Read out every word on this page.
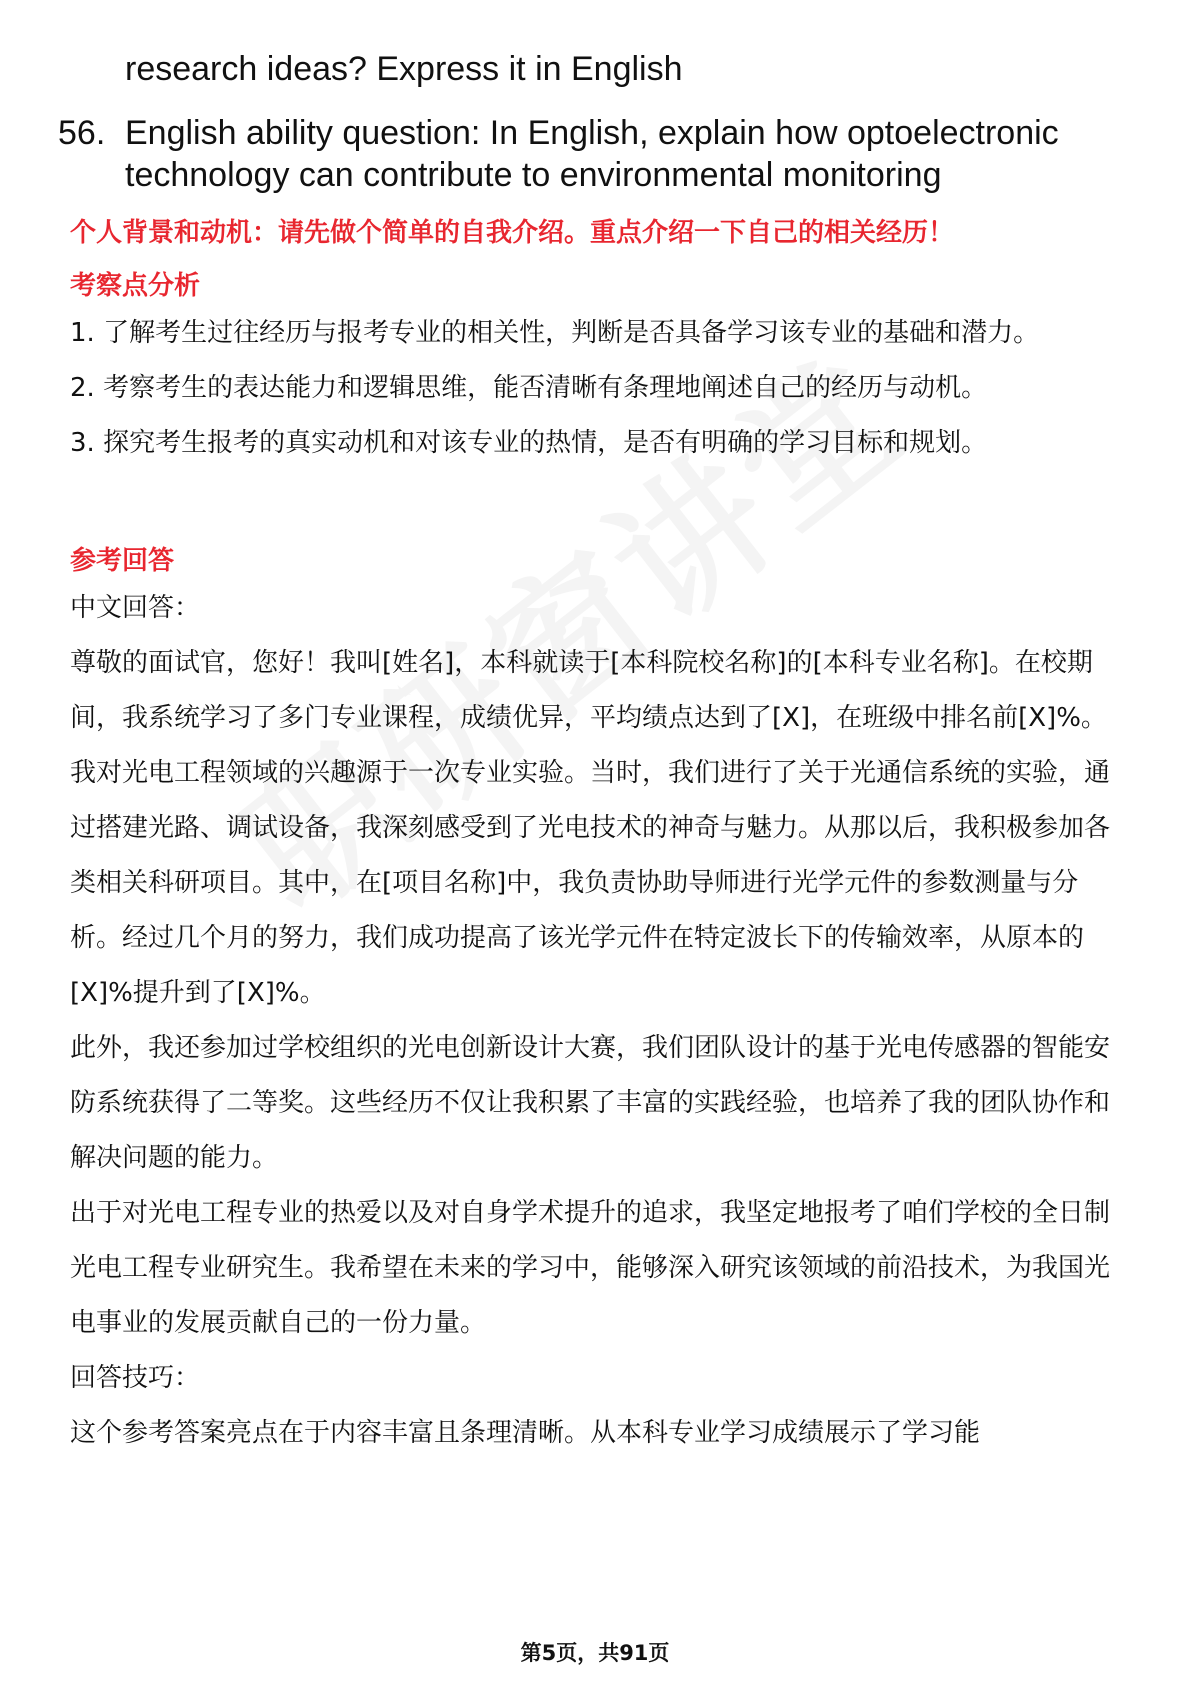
research ideas? Express it in English
56. English ability question: In English, explain how optoelectronic technology can contribute to environmental monitoring
个人背景和动机：请先做个简单的自我介绍。重点介绍一下自己的相关经历！
考察点分析

1. 了解考生过往经历与报考专业的相关性，判断是否具备学习该专业的基础和潜力。

2. 考察考生的表达能力和逻辑思维，能否清晰有条理地阐述自己的经历与动机。

3. 探究考生报考的真实动机和对该专业的热情，是否有明确的学习目标和规划。

参考回答

中文回答：

尊敬的面试官，您好！我叫[姓名]，本科就读于[本科院校名称]的[本科专业名称]。在校期间，我系统学习了多门专业课程，成绩优异，平均绩点达到了[X]，在班级中排名前[X]%。

我对光电工程领域的兴趣源于一次专业实验。当时，我们进行了关于光通信系统的实验，通过搭建光路、调试设备，我深刻感受到了光电技术的神奇与魅力。从那以后，我积极参加各类相关科研项目。其中，在[项目名称]中，我负责协助导师进行光学元件的参数测量与分析。经过几个月的努力，我们成功提高了该光学元件在特定波长下的传输效率，从原本的[X]%提升到了[X]%。

此外，我还参加过学校组织的光电创新设计大赛，我们团队设计的基于光电传感器的智能安防系统获得了二等奖。这些经历不仅让我积累了丰富的实践经验，也培养了我的团队协作和解决问题的能力。

出于对光电工程专业的热爱以及对自身学术提升的追求，我坚定地报考了咱们学校的全日制光电工程专业研究生。我希望在未来的学习中，能够深入研究该领域的前沿技术，为我国光电事业的发展贡献自己的一份力量。

回答技巧：

这个参考答案亮点在于内容丰富且条理清晰。从本科专业学习成绩展示了学习能

第5页，共91页
